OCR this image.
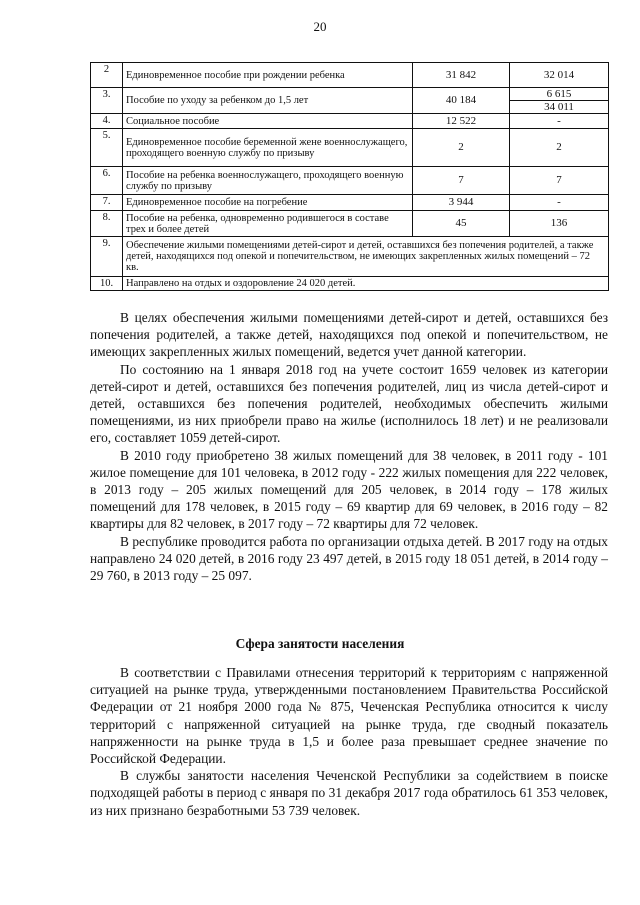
20
2	Единовременное пособие при рождении ребенка	31 842	32 014
3.	Пособие по уходу за ребенком до 1,5 лет	40 184	6 615
34 011

4.	Социальное пособие	12 522	-
5.	Единовременное пособие беременной жене военнослужащего, проходящего военную службу по призыву	2	2
6.	Пособие на ребенка военнослужащего, проходящего военную службу по призыву	7	7
7.	Единовременное пособие на погребение	3 944	-
8.	Пособие на ребенка, одновременно родившегося в составе трех и более детей	45	136
9.	Обеспечение жилыми помещениями детей-сирот и детей, оставшихся без попечения родителей, а также детей, находящихся под опекой и попечительством, не имеющих закрепленных жилых помещений – 72 кв.		
10.	Направлено на отдых и оздоровление 24 020 детей.		

В целях обеспечения жилыми помещениями детей-сирот и детей, оставшихся без попечения родителей, а также детей, находящихся под опекой и попечительством, не имеющих закрепленных жилых помещений, ведется учет данной категории.

По состоянию на 1 января 2018 год на учете состоит 1659 человек из категории детей-сирот и детей, оставшихся без попечения родителей, лиц из числа детей-сирот и детей, оставшихся без попечения родителей, необходимых обеспечить жилыми помещениями, из них приобрели право на жилье (исполнилось 18 лет) и не реализовали его, составляет 1059 детей-сирот.

В 2010 году приобретено 38 жилых помещений для 38 человек, в 2011 году - 101 жилое помещение для 101 человека, в 2012 году - 222 жилых помещения для 222 человек, в 2013 году – 205 жилых помещений для 205 человек, в 2014 году – 178 жилых помещений для 178 человек, в 2015 году – 69 квартир для 69 человек, в 2016 году – 82 квартиры для 82 человек, в 2017 году – 72 квартиры для 72 человек.

В республике проводится работа по организации отдыха детей. В 2017 году на отдых направлено 24 020 детей, в 2016 году 23 497 детей, в 2015 году 18 051 детей, в 2014 году – 29 760, в 2013 году – 25 097.

Сфера занятости населения

В соответствии с Правилами отнесения территорий к территориям с напряженной ситуацией на рынке труда, утвержденными постановлением Правительства Российской Федерации от 21 ноября 2000 года № 875, Чеченская Республика относится к числу территорий с напряженной ситуацией на рынке труда, где сводный показатель напряженности на рынке труда в 1,5 и более раза превышает среднее значение по Российской Федерации.

В службы занятости населения Чеченской Республики за содействием в поиске подходящей работы в период с января по 31 декабря 2017 года обратилось 61 353 человек, из них признано безработными 53 739 человек.
